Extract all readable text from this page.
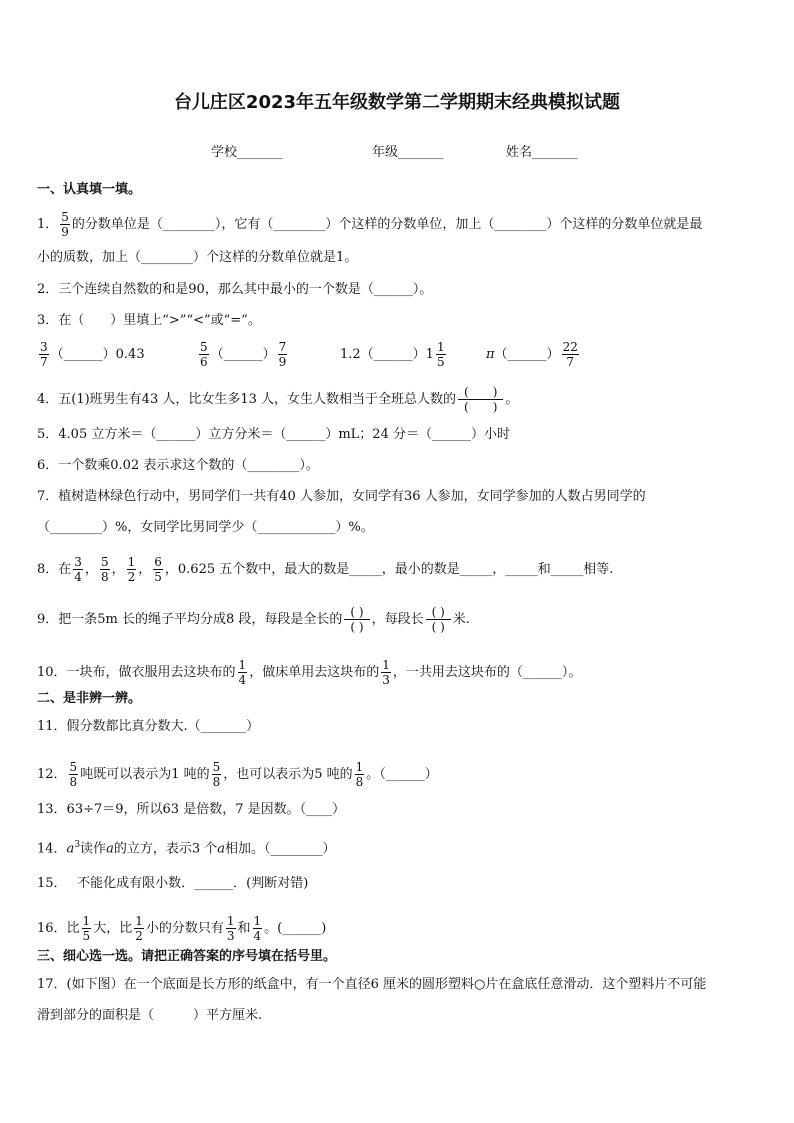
台儿庄区2023年五年级数学第二学期期末经典模拟试题
学校_______	年级_______	姓名_______
一、认真填一填。
1． $\frac{5}{9}$ 的分数单位是（________），它有（________）个这样的分数单位，加上（________）个这样的分数单位就是最
小的质数，加上（________）个这样的分数单位就是1。
2．三个连续自然数的和是90，那么其中最小的一个数是（______）。
3．在（　　）里填上“>”“<”或“=”。
$\frac{3}{7}$ （______）0.43	$\frac{5}{6}$ （______） $\frac{7}{9}$	1.2（______）1 $\frac{1}{5}$	π（______） $\frac{22}{7}$
4．五(1)班男生有43 人，比女生多13 人，女生人数相当于全班总人数的 $\frac{( )}{( )}$ 。
5．4.05 立方米＝（______）立方分米＝（______）mL；24 分＝（______）小时
6．一个数乘0.02 表示求这个数的（________）。
7．植树造林绿色行动中，男同学们一共有40 人参加，女同学有36 人参加，女同学参加的人数占男同学的
（________）%，女同学比男同学少（____________）%。
8．在 $\frac{3}{4}$ ， $\frac{5}{8}$ ， $\frac{1}{2}$ ， $\frac{6}{5}$ ，0.625 五个数中，最大的数是_____，最小的数是_____，_____和_____相等.
9．把一条5m 长的绳子平均分成8 段，每段是全长的 $\frac{( )}{( )}$ ，每段长 $\frac{( )}{( )}$ 米.
10．一块布，做衣服用去这块布的 $\frac{1}{4}$ ，做床单用去这块布的 $\frac{1}{3}$ ，一共用去这块布的（______）。
二、是非辨一辨。
11．假分数都比真分数大.（_______）
12． $\frac{5}{8}$ 吨既可以表示为1 吨的 $\frac{5}{8}$ ，也可以表示为5 吨的 $\frac{1}{8}$ 。（______）
13．63÷7＝9，所以63 是倍数，7 是因数。（____）
14．$a^3$读作a的立方，表示3 个a相加。（________）
15．　 不能化成有限小数．______．(判断对错)
16．比 $\frac{1}{5}$ 大，比 $\frac{1}{2}$ 小的分数只有 $\frac{1}{3}$ 和 $\frac{1}{4}$ 。(______)
三、细心选一选。请把正确答案的序号填在括号里。
17．(如下图）在一个底面是长方形的纸盒中，有一个直径6 厘米的圆形塑料○片在盒底任意滑动．这个塑料片不可能
滑到部分的面积是（　　　）平方厘米.
